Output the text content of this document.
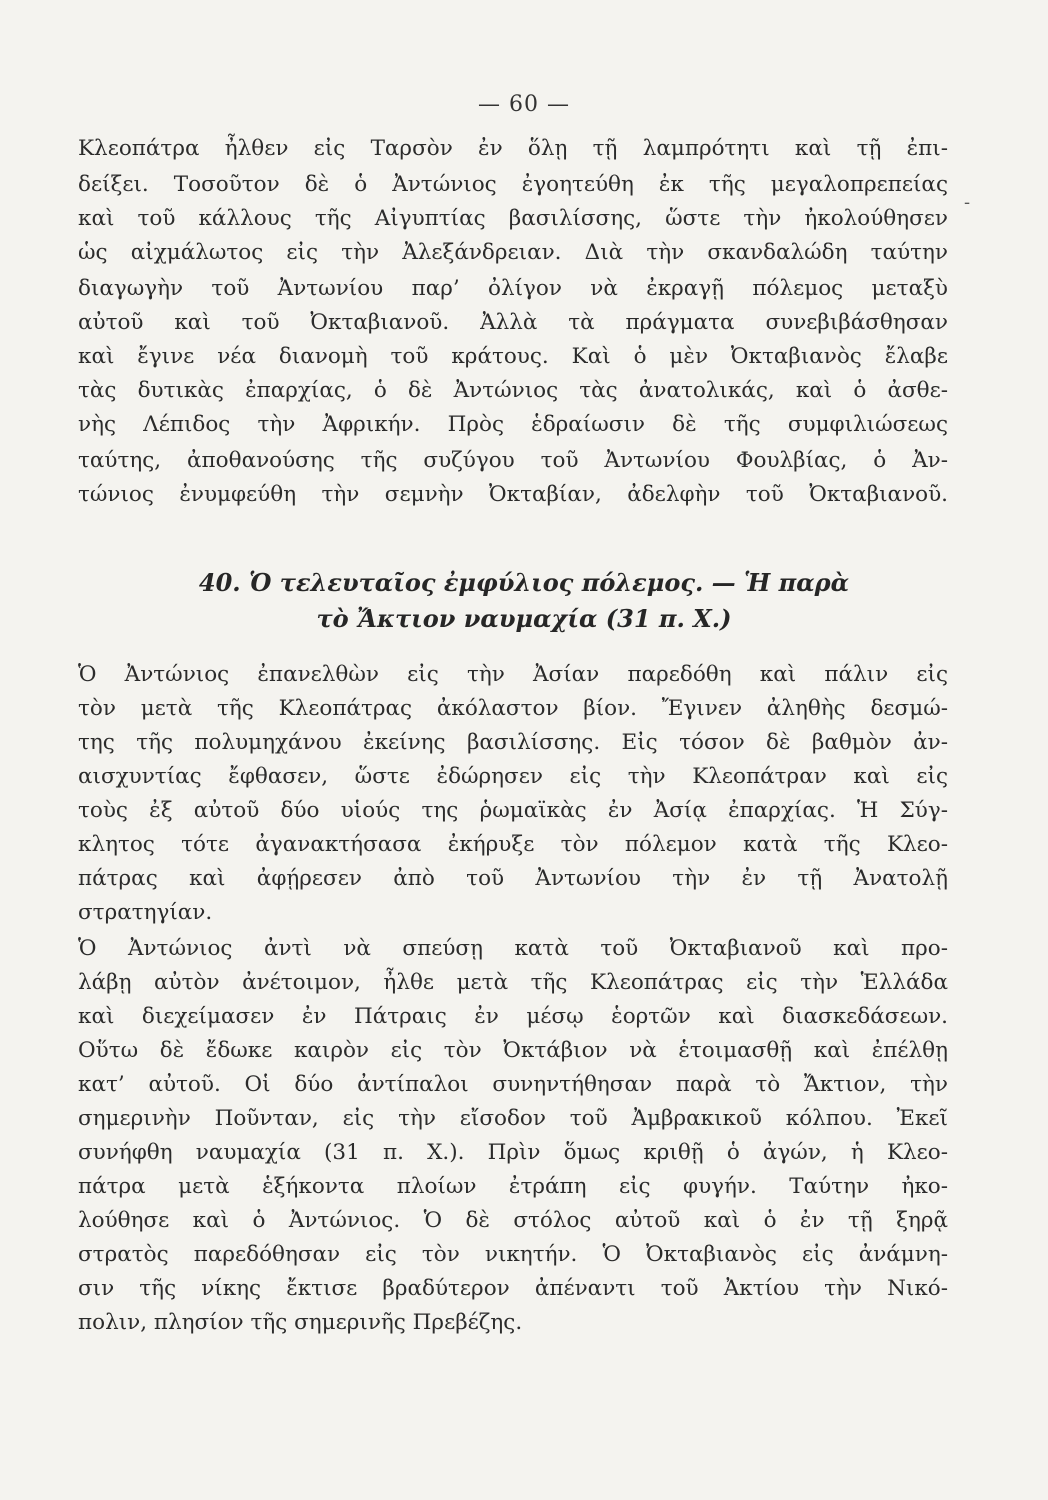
— 60 —
-
Κλεοπάτρα ἦλθεν εἰς Ταρσὸν ἐν ὅλῃ τῇ λαμπρότητι καὶ τῇ ἐπι-
δείξει. Τοσοῦτον δὲ ὁ Ἀντώνιος ἐγοητεύθη ἐκ τῆς μεγαλοπρεπείας
καὶ τοῦ κάλλους τῆς Αἰγυπτίας βασιλίσσης, ὥστε τὴν ἠκολούθησεν
ὡς αἰχμάλωτος εἰς τὴν Ἀλεξάνδρειαν. Διὰ τὴν σκανδαλώδη ταύτην
διαγωγὴν τοῦ Ἀντωνίου παρ’ ὀλίγον νὰ ἐκραγῇ πόλεμος μεταξὺ
αὐτοῦ καὶ τοῦ Ὀκταβιανοῦ. Ἀλλὰ τὰ πράγματα συνεβιβάσθησαν
καὶ ἔγινε νέα διανομὴ τοῦ κράτους. Καὶ ὁ μὲν Ὀκταβιανὸς ἔλαβε
τὰς δυτικὰς ἐπαρχίας, ὁ δὲ Ἀντώνιος τὰς ἀνατολικάς, καὶ ὁ ἀσθε-
νὴς Λέπιδος τὴν Ἀφρικήν. Πρὸς ἑδραίωσιν δὲ τῆς συμφιλιώσεως
ταύτης, ἀποθανούσης τῆς συζύγου τοῦ Ἀντωνίου Φουλβίας, ὁ Ἀν-
τώνιος ἐνυμφεύθη τὴν σεμνὴν Ὀκταβίαν, ἀδελφὴν τοῦ Ὀκταβιανοῦ.
40. Ὁ τελευταῖος ἐμφύλιος πόλεμος. — Ἡ παρὰ
τὸ Ἄκτιον ναυμαχία (31 π. Χ.)
Ὁ Ἀντώνιος ἐπανελθὼν εἰς τὴν Ἀσίαν παρεδόθη καὶ πάλιν εἰς
τὸν μετὰ τῆς Κλεοπάτρας ἀκόλαστον βίον. Ἔγινεν ἀληθὴς δεσμώ-
της τῆς πολυμηχάνου ἐκείνης βασιλίσσης. Εἰς τόσον δὲ βαθμὸν ἀν-
αισχυντίας ἔφθασεν, ὥστε ἐδώρησεν εἰς τὴν Κλεοπάτραν καὶ εἰς
τοὺς ἐξ αὐτοῦ δύο υἱούς της ῥωμαϊκὰς ἐν Ἀσίᾳ ἐπαρχίας. Ἡ Σύγ-
κλητος τότε ἀγανακτήσασα ἐκήρυξε τὸν πόλεμον κατὰ τῆς Κλεο-
πάτρας καὶ ἀφῄρεσεν ἀπὸ τοῦ Ἀντωνίου τὴν ἐν τῇ Ἀνατολῇ
στρατηγίαν.
Ὁ Ἀντώνιος ἀντὶ νὰ σπεύσῃ κατὰ τοῦ Ὀκταβιανοῦ καὶ προ-
λάβῃ αὐτὸν ἀνέτοιμον, ἦλθε μετὰ τῆς Κλεοπάτρας εἰς τὴν Ἑλλάδα
καὶ διεχείμασεν ἐν Πάτραις ἐν μέσῳ ἑορτῶν καὶ διασκεδάσεων.
Οὕτω δὲ ἔδωκε καιρὸν εἰς τὸν Ὀκτάβιον νὰ ἑτοιμασθῇ καὶ ἐπέλθῃ
κατ’ αὐτοῦ. Οἱ δύο ἀντίπαλοι συνηντήθησαν παρὰ τὸ Ἄκτιον, τὴν
σημερινὴν Ποῦνταν, εἰς τὴν εἴσοδον τοῦ Ἀμβρακικοῦ κόλπου. Ἐκεῖ
συνήφθη ναυμαχία (31 π. Χ.). Πρὶν ὅμως κριθῇ ὁ ἀγών, ἡ Κλεο-
πάτρα μετὰ ἑξήκοντα πλοίων ἐτράπη εἰς φυγήν. Ταύτην ἠκο-
λούθησε καὶ ὁ Ἀντώνιος. Ὁ δὲ στόλος αὐτοῦ καὶ ὁ ἐν τῇ ξηρᾷ
στρατὸς παρεδόθησαν εἰς τὸν νικητήν. Ὁ Ὀκταβιανὸς εἰς ἀνάμνη-
σιν τῆς νίκης ἔκτισε βραδύτερον ἀπέναντι τοῦ Ἀκτίου τὴν Νικό-
πολιν, πλησίον τῆς σημερινῆς Πρεβέζης.
